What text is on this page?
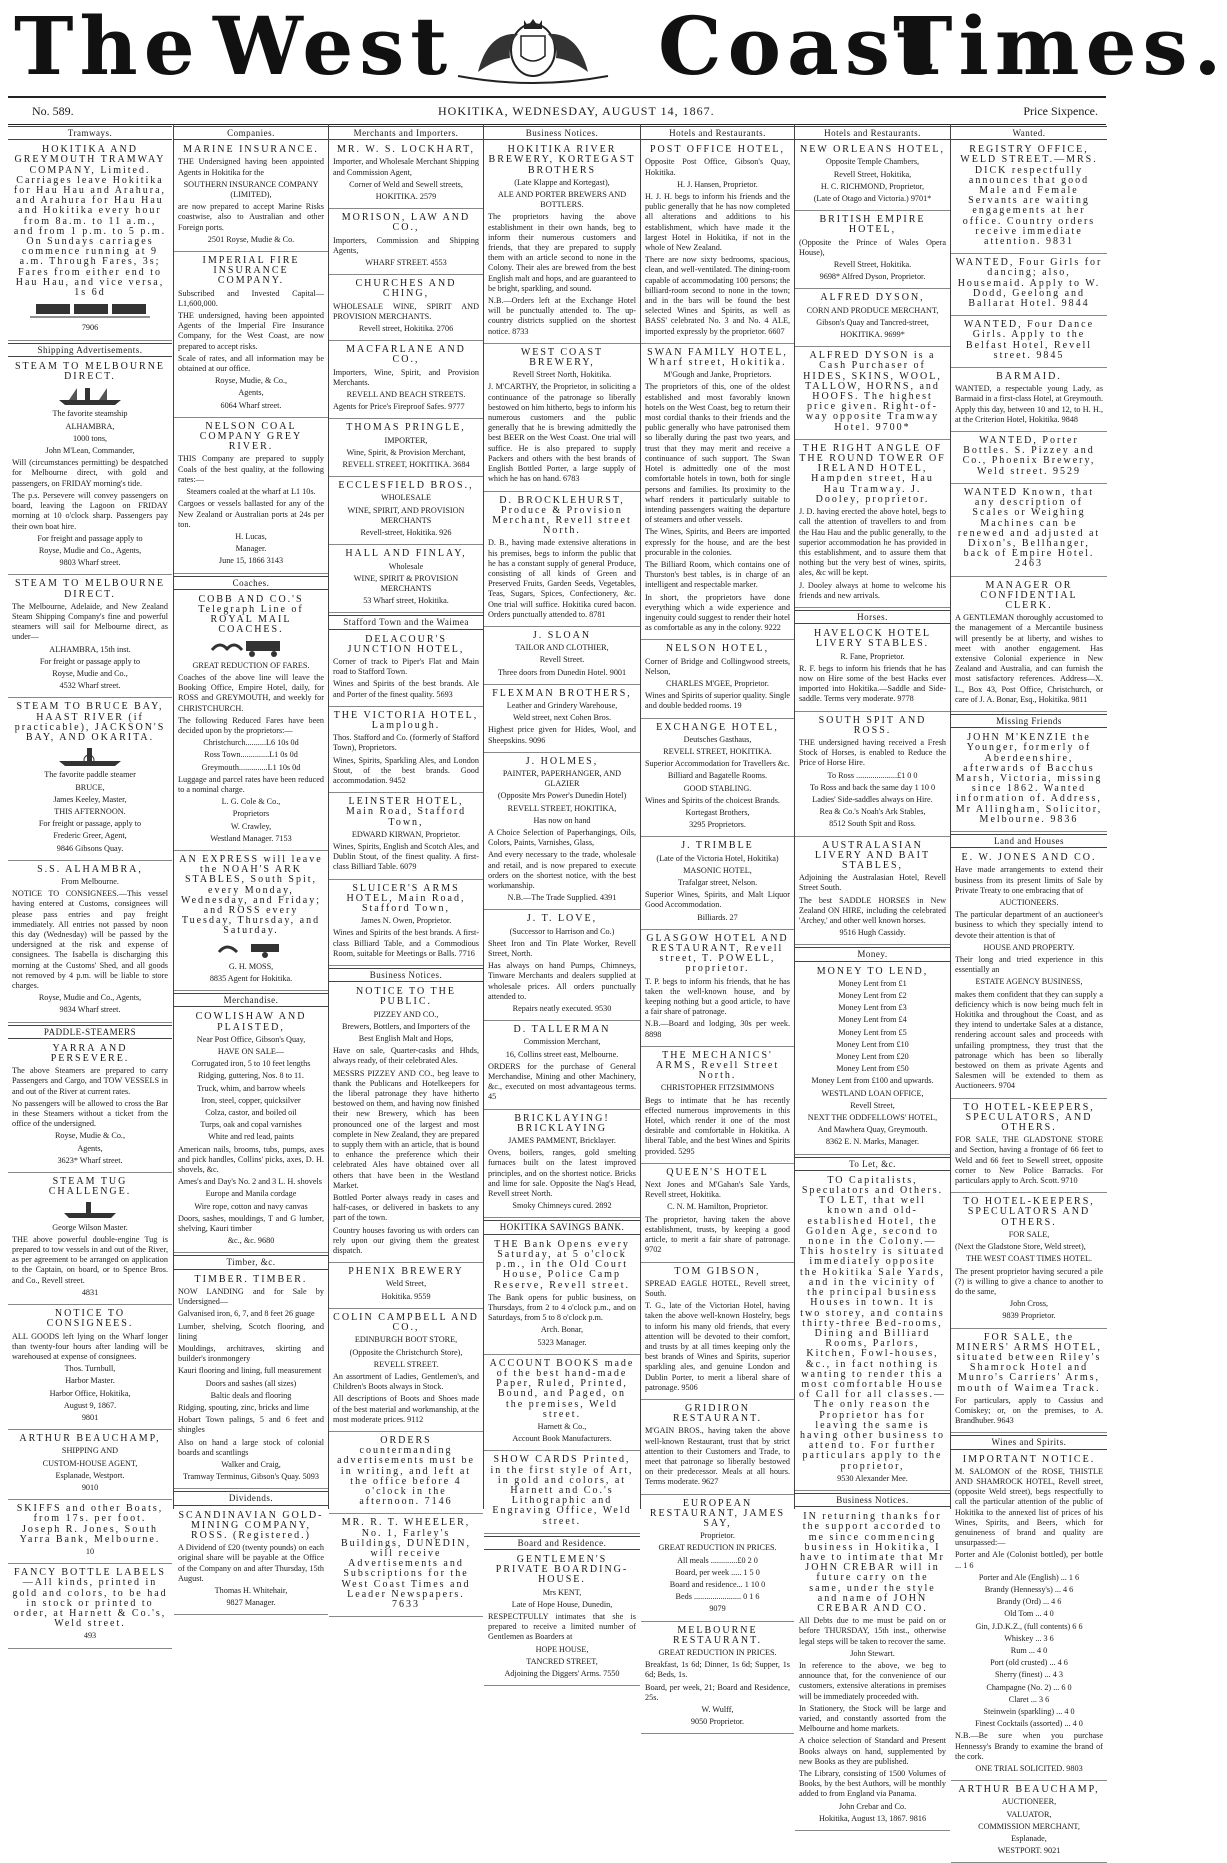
The West	Coast
Times.
No. 589.	HOKITIKA, WEDNESDAY, AUGUST 14, 1867.	Price Sixpence.
Tramways.

HOKITIKA AND GREYMOUTH TRAMWAY COMPANY, Limited. Carriages leave Hokitika for Hau Hau and Arahura, and Arahura for Hau Hau and Hokitika every hour from 8a.m. to 11 a.m., and from 1 p.m. to 5 p.m. On Sundays carriages commence running at 9 a.m. Through Fares, 3s; Fares from either end to Hau Hau, and vice versa, 1s 6d

7906

Shipping Advertisements.

STEAM TO MELBOURNE DIRECT.

The favorite steamship

ALHAMBRA,

1000 tons,

John M'Lean, Commander,

Will (circumstances permitting) be despatched for Melbourne direct, with gold and passengers, on FRIDAY morning's tide.

The p.s. Persevere will convey passengers on board, leaving the Lagoon on FRIDAY morning at 10 o'clock sharp. Passengers pay their own boat hire.

For freight and passage apply to

Royse, Mudie and Co., Agents,

9803 Wharf street.

STEAM TO MELBOURNE DIRECT.

The Melbourne, Adelaide, and New Zealand Steam Shipping Company's fine and powerful steamers will sail for Melbourne direct, as under—

ALHAMBRA, 15th inst.

For freight or passage apply to

Royse, Mudie and Co.,

4532 Wharf street.

STEAM TO BRUCE BAY, HAAST RIVER (if practicable), JACKSON'S BAY, AND OKARITA.

The favorite paddle steamer

BRUCE,

James Keeley, Master,

THIS AFTERNOON.

For freight or passage, apply to

Frederic Greer, Agent,

9846 Gibsons Quay.

S.S. ALHAMBRA,

From Melbourne.

NOTICE TO CONSIGNEES.—This vessel having entered at Customs, consignees will please pass entries and pay freight immediately. All entries not passed by noon this day (Wednesday) will be passed by the undersigned at the risk and expense of consignees. The Isabella is discharging this morning at the Customs' Shed, and all goods not removed by 4 p.m. will be liable to store charges.

Royse, Mudie and Co., Agents,

9834 Wharf street.

PADDLE-STEAMERS

YARRA AND PERSEVERE.

The above Steamers are prepared to carry Passengers and Cargo, and TOW VESSELS in and out of the River at current rates.

No passengers will be allowed to cross the Bar in these Steamers without a ticket from the office of the undersigned.

Royse, Mudie & Co.,

Agents,

3623* Wharf street.

STEAM TUG CHALLENGE.

George Wilson Master.

THE above powerful double-engine Tug is prepared to tow vessels in and out of the River, as per agreement to be arranged on application to the Captain, on board, or to Spence Bros. and Co., Revell street.

4831

NOTICE TO CONSIGNEES.

ALL GOODS left lying on the Wharf longer than twenty-four hours after landing will be warehoused at expense of consignees.

Thos. Turnbull,

Harbor Master.

Harbor Office, Hokitika,

August 9, 1867.

9801

ARTHUR BEAUCHAMP,

SHIPPING AND

CUSTOM-HOUSE AGENT,

Esplanade, Westport.

9010

SKIFFS and other Boats, from 17s. per foot. Joseph R. Jones, South Yarra Bank, Melbourne.

10

FANCY BOTTLE LABELS—All kinds, printed in gold and colors, to be had in stock or printed to order, at Harnett & Co.'s, Weld street.

493

Companies.

MARINE INSURANCE.

THE Undersigned having been appointed Agents in Hokitika for the

SOUTHERN INSURANCE COMPANY (LIMITED),

are now prepared to accept Marine Risks coastwise, also to Australian and other Foreign ports.

2501 Royse, Mudie & Co.

IMPERIAL FIRE INSURANCE COMPANY.

Subscribed and Invested Capital—L1,600,000.

THE undersigned, having been appointed Agents of the Imperial Fire Insurance Company, for the West Coast, are now prepared to accept risks.

Scale of rates, and all information may be obtained at our office.

Royse, Mudie, & Co.,

Agents,

6064 Wharf street.

NELSON COAL COMPANY GREY RIVER.

THIS Company are prepared to supply Coals of the best quality, at the following rates:—

Steamers coaled at the wharf at L1 10s.

Cargoes or vessels ballasted for any of the New Zealand or Australian ports at 24s per ton.

H. Lucas,

Manager.

June 15, 1866 3143

Coaches.

COBB AND CO.'S Telegraph Line of ROYAL MAIL COACHES.

GREAT REDUCTION OF FARES.

Coaches of the above line will leave the Booking Office, Empire Hotel, daily, for ROSS and GREYMOUTH, and weekly for CHRISTCHURCH.

The following Reduced Fares have been decided upon by the proprietors:—

Christchurch..........L6 10s 0d

Ross Town..............L1 0s 0d

Greymouth..............L1 10s 0d

Luggage and parcel rates have been reduced to a nominal charge.

L. G. Cole & Co.,

Proprietors

W. Crawley,

Westland Manager. 7153

AN EXPRESS will leave the NOAH'S ARK STABLES, South Spit, every Monday, Wednesday, and Friday; and ROSS every Tuesday, Thursday, and Saturday.

G. H. MOSS,

8835 Agent for Hokitika.

Merchandise.

COWLISHAW AND PLAISTED,

Near Post Office, Gibson's Quay,

HAVE ON SALE—

Corrugated iron, 5 to 10 feet lengths

Ridging, guttering, Nos. 8 to 11.

Truck, whim, and barrow wheels

Iron, steel, copper, quicksilver

Colza, castor, and boiled oil

Turps, oak and copal varnishes

White and red lead, paints

American nails, brooms, tubs, pumps, axes and pick handles, Collins' picks, axes, D. H. shovels, &c.

Ames's and Day's No. 2 and 3 L. H. shovels

Europe and Manila cordage

Wire rope, cotton and navy canvas

Doors, sashes, mouldings, T and G lumber, shelving, Kauri timber

&c., &c. 9680

Timber, &c.

TIMBER. TIMBER.

NOW LANDING and for Sale by Undersigned—

Galvanised iron, 6, 7, and 8 feet 26 guage

Lumber, shelving, Scotch flooring, and lining

Mouldings, architraves, skirting and builder's ironmongery

Kauri flooring and lining, full measurement

Doors and sashes (all sizes)

Baltic deals and flooring

Ridging, spouting, zinc, bricks and lime

Hobart Town palings, 5 and 6 feet and shingles

Also on hand a large stock of colonial boards and scantlings

Walker and Craig,

Tramway Terminus, Gibson's Quay. 5093

Dividends.

SCANDINAVIAN GOLD-MINING COMPANY, ROSS. (Registered.)

A Dividend of £20 (twenty pounds) on each original share will be payable at the Office of the Company on and after Thursday, 15th August.

Thomas H. Whitehair,

9827 Manager.

Merchants and Importers.

MR. W. S. LOCKHART,

Importer, and Wholesale Merchant Shipping and Commission Agent,

Corner of Weld and Sewell streets,

HOKITIKA. 2579

MORISON, LAW AND CO.,

Importers, Commission and Shipping Agents,

WHARF STREET. 4553

CHURCHES AND CHING,

WHOLESALE WINE, SPIRIT AND PROVISION MERCHANTS.

Revell street, Hokitika. 2706

MACFARLANE AND CO.,

Importers, Wine, Spirit, and Provision Merchants.

REVELL AND BEACH STREETS.

Agents for Price's Fireproof Safes. 9777

THOMAS PRINGLE,

IMPORTER,

Wine, Spirit, & Provision Merchant,

REVELL STREET, HOKITIKA. 3684

ECCLESFIELD BROS.,

WHOLESALE

WINE, SPIRIT, AND PROVISION MERCHANTS

Revell-street, Hokitika. 926

HALL AND FINLAY,

Wholesale

WINE, SPIRIT & PROVISION MERCHANTS

53 Wharf street, Hokitika.

Stafford Town and the Waimea

DELACOUR'S JUNCTION HOTEL,

Corner of track to Piper's Flat and Main road to Stafford Town.

Wines and Spirits of the best brands. Ale and Porter of the finest quality. 5693

THE VICTORIA HOTEL, Lamplough.

Thos. Stafford and Co. (formerly of Stafford Town), Proprietors.

Wines, Spirits, Sparkling Ales, and London Stout, of the best brands. Good accommodation. 9452

LEINSTER HOTEL, Main Road, Stafford Town,

EDWARD KIRWAN, Proprietor.

Wines, Spirits, English and Scotch Ales, and Dublin Stout, of the finest quality. A first-class Billiard Table. 6079

SLUICER'S ARMS HOTEL, Main Road, Stafford Town,

James N. Owen, Proprietor.

Wines and Spirits of the best brands. A first-class Billiard Table, and a Commodious Room, suitable for Meetings or Balls. 7716

Business Notices.

NOTICE TO THE PUBLIC.

PIZZEY AND CO.,

Brewers, Bottlers, and Importers of the

Best English Malt and Hops,

Have on sale, Quarter-casks and Hhds, always ready, of their celebrated Ales.

MESSRS PIZZEY AND CO., beg leave to thank the Publicans and Hotelkeepers for the liberal patronage they have hitherto bestowed on them, and having now finished their new Brewery, which has been pronounced one of the largest and most complete in New Zealand, they are prepared to supply them with an article, that is bound to enhance the preference which their celebrated Ales have obtained over all others that have been in the Westland Market.

Bottled Porter always ready in cases and half-cases, or delivered in baskets to any part of the town.

Country houses favoring us with orders can rely upon our giving them the greatest dispatch.

PHENIX BREWERY

Weld Street,

Hokitika. 9559

COLIN CAMPBELL AND CO.,

EDINBURGH BOOT STORE,

(Opposite the Christchurch Store),

REVELL STREET.

An assortment of Ladies, Gentlemen's, and Children's Boots always in Stock.

All descriptions of Boots and Shoes made of the best material and workmanship, at the most moderate prices. 9112

ORDERS countermanding advertisements must be in writing, and left at the office before 4 o'clock in the afternoon. 7146

MR. R. T. WHEELER, No. 1, Farley's Buildings, DUNEDIN, will receive Advertisements and Subscriptions for the West Coast Times and Leader Newspapers. 7633

Business Notices.

HOKITIKA RIVER BREWERY, KORTEGAST BROTHERS

(Late Klappe and Kortegast),

ALE AND PORTER BREWERS AND BOTTLERS.

The proprietors having the above establishment in their own hands, beg to inform their numerous customers and friends, that they are prepared to supply them with an article second to none in the Colony. Their ales are brewed from the best English malt and hops, and are guaranteed to be bright, sparkling, and sound.

N.B.—Orders left at the Exchange Hotel will be punctually attended to. The up-country districts supplied on the shortest notice. 8733

WEST COAST BREWERY,

Revell Street North, Hokitika.

J. M'CARTHY, the Proprietor, in soliciting a continuance of the patronage so liberally bestowed on him hitherto, begs to inform his numerous customers and the public generally that he is brewing admittedly the best BEER on the West Coast. One trial will suffice. He is also prepared to supply Packers and others with the best brands of English Bottled Porter, a large supply of which he has on hand. 6783

D. BROCKLEHURST, Produce & Provision Merchant, Revell street North.

D. B., having made extensive alterations in his premises, begs to inform the public that he has a constant supply of general Produce, consisting of all kinds of Green and Preserved Fruits, Garden Seeds, Vegetables, Teas, Sugars, Spices, Confectionery, &c. One trial will suffice. Hokitika cured bacon. Orders punctually attended to. 8781

J. SLOAN

TAILOR AND CLOTHIER,

Revell Street.

Three doors from Dunedin Hotel. 9001

FLEXMAN BROTHERS,

Leather and Grindery Warehouse,

Weld street, next Cohen Bros.

Highest price given for Hides, Wool, and Sheepskins. 9096

J. HOLMES,

PAINTER, PAPERHANGER, AND GLAZIER

(Opposite Mrs Power's Dunedin Hotel)

REVELL STREET, HOKITIKA,

Has now on hand

A Choice Selection of Paperhangings, Oils, Colors, Paints, Varnishes, Glass,

And every necessary to the trade, wholesale and retail, and is now prepared to execute orders on the shortest notice, with the best workmanship.

N.B.—The Trade Supplied. 4391

J. T. LOVE,

(Successor to Harrison and Co.)

Sheet Iron and Tin Plate Worker, Revell Street, North.

Has always on hand Pumps, Chimneys, Tinware Merchants and dealers supplied at wholesale prices. All orders punctually attended to.

Repairs neatly executed. 9530

D. TALLERMAN

Commission Merchant,

16, Collins street east, Melbourne.

ORDERS for the purchase of General Merchandise, Mining and other Machinery, &c., executed on most advantageous terms. 45

BRICKLAYING! BRICKLAYING

JAMES PAMMENT, Bricklayer.

Ovens, boilers, ranges, gold smelting furnaces built on the latest improved principles, and on the shortest notice. Bricks and lime for sale. Opposite the Nag's Head, Revell street North.

Smoky Chimneys cured. 2892

HOKITIKA SAVINGS BANK.

THE Bank Opens every Saturday, at 5 o'clock p.m., in the Old Court House, Police Camp Reserve, Revell street.

The Bank opens for public business, on Thursdays, from 2 to 4 o'clock p.m., and on Saturdays, from 5 to 8 o'clock p.m.

Arch. Bonar,

5323 Manager.

ACCOUNT BOOKS made of the best hand-made Paper, Ruled, Printed, Bound, and Paged, on the premises, Weld street.

Harnett & Co.,

Account Book Manufacturers.

SHOW CARDS Printed, in the first style of Art, in gold and colors, at Harnett and Co.'s Lithographic and Engraving Office, Weld street.

Board and Residence.

GENTLEMEN'S PRIVATE BOARDING-HOUSE.

Mrs KENT,

Late of Hope House, Dunedin,

RESPECTFULLY intimates that she is prepared to receive a limited number of Gentlemen as Boarders at

HOPE HOUSE,

TANCRED STREET,

Adjoining the Diggers' Arms. 7550

Hotels and Restaurants.

POST OFFICE HOTEL,

Opposite Post Office, Gibson's Quay, Hokitika.

H. J. Hansen, Proprietor.

H. J. H. begs to inform his friends and the public generally that he has now completed all alterations and additions to his establishment, which have made it the largest Hotel in Hokitika, if not in the whole of New Zealand.

There are now sixty bedrooms, spacious, clean, and well-ventilated. The dining-room capable of accommodating 100 persons; the billiard-room second to none in the town; and in the bars will be found the best selected Wines and Spirits, as well as BASS' celebrated No. 3 and No. 4 ALE, imported expressly by the proprietor. 6607

SWAN FAMILY HOTEL, Wharf street, Hokitika.

M'Gough and Janke, Proprietors.

The proprietors of this, one of the oldest established and most favorably known hotels on the West Coast, beg to return their most cordial thanks to their friends and the public generally who have patronised them so liberally during the past two years, and trust that they may merit and receive a continuance of such support. The Swan Hotel is admittedly one of the most comfortable hotels in town, both for single persons and families. Its proximity to the wharf renders it particularly suitable to intending passengers waiting the departure of steamers and other vessels.

The Wines, Spirits, and Beers are imported expressly for the house, and are the best procurable in the colonies.

The Billiard Room, which contains one of Thurston's best tables, is in charge of an intelligent and respectable marker.

In short, the proprietors have done everything which a wide experience and ingenuity could suggest to render their hotel as comfortable as any in the colony. 9222

NELSON HOTEL,

Corner of Bridge and Collingwood streets, Nelson,

CHARLES M'GEE, Proprietor.

Wines and Spirits of superior quality. Single and double bedded rooms. 19

EXCHANGE HOTEL,

Deutsches Gasthaus,

REVELL STREET, HOKITIKA.

Superior Accommodation for Travellers &c.

Billiard and Bagatelle Rooms.

GOOD STABLING.

Wines and Spirits of the choicest Brands.

Kortegast Brothers,

3295 Proprietors.

J. TRIMBLE

(Late of the Victoria Hotel, Hokitika)

MASONIC HOTEL,

Trafalgar street, Nelson.

Superior Wines, Spirits, and Malt Liquor Good Accommodation.

Billiards. 27

GLASGOW HOTEL AND RESTAURANT, Revell street, T. POWELL, proprietor.

T. P. begs to inform his friends, that he has taken the well-known house, and by keeping nothing but a good article, to have a fair share of patronage.

N.B.—Board and lodging, 30s per week. 8898

THE MECHANICS' ARMS, Revell Street North.

CHRISTOPHER FITZSIMMONS

Begs to intimate that he has recently effected numerous improvements in this Hotel, which render it one of the most desirable and comfortable in Hokitika. A liberal Table, and the best Wines and Spirits provided. 5295

QUEEN'S HOTEL

Next Jones and M'Gahan's Sale Yards, Revell street, Hokitika.

C. N. M. Hamilton, Proprietor.

The proprietor, having taken the above establishment, trusts, by keeping a good article, to merit a fair share of patronage. 9702

TOM GIBSON,

SPREAD EAGLE HOTEL, Revell street, South.

T. G., late of the Victorian Hotel, having taken the above well-known Hostelry, begs to inform his many old friends, that every attention will be devoted to their comfort, and trusts by at all times keeping only the best brands of Wines and Spirits, superior sparkling ales, and genuine London and Dublin Porter, to merit a liberal share of patronage. 9506

GRIDIRON RESTAURANT.

M'GAIN BROS., having taken the above well-known Restaurant, trust that by strict attention to their Customers and Trade, to meet that patronage so liberally bestowed on their predecessor. Meals at all hours. Terms moderate. 9627

EUROPEAN RESTAURANT, JAMES SAY,

Proprietor.

GREAT REDUCTION IN PRICES.

All meals .............£0 2 0

Board, per week ..... 1 5 0

Board and residence... 1 10 0

Beds ....................... 0 1 6

9079

MELBOURNE RESTAURANT.

GREAT REDUCTION IN PRICES.

Breakfast, 1s 6d; Dinner, 1s 6d; Supper, 1s 6d; Beds, 1s.

Board, per week, 21; Board and Residence, 25s.

W. Wulff,

9050 Proprietor.

Hotels and Restaurants.

NEW ORLEANS HOTEL,

Opposite Temple Chambers,

Revell Street, Hokitika,

H. C. RICHMOND, Proprietor,

(Late of Otago and Victoria.) 9701*

BRITISH EMPIRE HOTEL,

(Opposite the Prince of Wales Opera House),

Revell Street, Hokitika.

9698* Alfred Dyson, Proprietor.

ALFRED DYSON,

CORN AND PRODUCE MERCHANT,

Gibson's Quay and Tancred-street,

HOKITIKA. 9699*

ALFRED DYSON is a Cash Purchaser of HIDES, SKINS, WOOL, TALLOW, HORNS, and HOOFS. The highest price given. Right-of-way opposite Tramway Hotel. 9700*

THE RIGHT ANGLE OF THE ROUND TOWER OF IRELAND HOTEL, Hampden street, Hau Hau Tramway. J. Dooley, proprietor.

J. D. having erected the above hotel, begs to call the attention of travellers to and from the Hau Hau and the public generally, to the superior accommodation he has provided in this establishment, and to assure them that nothing but the very best of wines, spirits, ales, &c will be kept.

J. Dooley always at home to welcome his friends and new arrivals.

Horses.

HAVELOCK HOTEL LIVERY STABLES.

R. Fane, Proprietor.

R. F. begs to inform his friends that he has now on Hire some of the best Hacks ever imported into Hokitika.—Saddle and Side-saddle. Terms very moderate. 9778

SOUTH SPIT AND ROSS.

THE undersigned having received a Fresh Stock of Horses, is enabled to Reduce the Price of Horse Hire.

To Ross ....................£1 0 0

To Ross and back the same day 1 10 0

Ladies' Side-saddles always on Hire.

Rea & Co.'s Noah's Ark Stables,

8512 South Spit and Ross.

AUSTRALASIAN LIVERY AND BAIT STABLES,

Adjoining the Australasian Hotel, Revell Street South.

The best SADDLE HORSES in New Zealand ON HIRE, including the celebrated 'Archey,' and other well known horses.

9516 Hugh Cassidy.

Money.

MONEY TO LEND,

Money Lent from £1

Money Lent from £2

Money Lent from £3

Money Lent from £4

Money Lent from £5

Money Lent from £10

Money Lent from £20

Money Lent from £50

Money Lent from £100 and upwards.

WESTLAND LOAN OFFICE,

Revell Street,

NEXT THE ODDFELLOWS' HOTEL,

And Mawhera Quay, Greymouth.

8362 E. N. Marks, Manager.

To Let, &c.

TO Capitalists, Speculators and Others. TO LET, that well known and old-established Hotel, the Golden Age, second to none in the Colony.—This hostelry is situated immediately opposite the Hokitika Sale Yards, and in the vicinity of the principal business Houses in town. It is two storey, and contains thirty-three Bed-rooms, Dining and Billiard Rooms, Parlors, Kitchen, Fowl-houses, &c., in fact nothing is wanting to render this a most comfortable House of Call for all classes.—The only reason the Proprietor has for leaving the same is having other business to attend to. For further particulars apply to the proprietor,

9530 Alexander Mee.

Business Notices.

IN returning thanks for the support accorded to me since commencing business in Hokitika, I have to intimate that Mr JOHN CREBAR will in future carry on the same, under the style and name of JOHN CREBAR AND CO.

All Debts due to me must be paid on or before THURSDAY, 15th inst., otherwise legal steps will be taken to recover the same.

John Stewart.

In reference to the above, we beg to announce that, for the convenience of our customers, extensive alterations in premises will be immediately proceeded with.

In Stationery, the Stock will be large and varied, and constantly assorted from the Melbourne and home markets.

A choice selection of Standard and Present Books always on hand, supplemented by new Books as they are published.

The Library, consisting of 1500 Volumes of Books, by the best Authors, will be monthly added to from England via Panama.

John Crebar and Co.

Hokitika, August 13, 1867. 9816

Wanted.

REGISTRY OFFICE, WELD STREET.—MRS. DICK respectfully announces that good Male and Female Servants are waiting engagements at her office. Country orders receive immediate attention. 9831

WANTED, Four Girls for dancing; also, Housemaid. Apply to W. Dodd, Geelong and Ballarat Hotel. 9844

WANTED, Four Dance Girls. Apply to the Belfast Hotel, Revell street. 9845

BARMAID.

WANTED, a respectable young Lady, as Barmaid in a first-class Hotel, at Greymouth. Apply this day, between 10 and 12, to H. H., at the Criterion Hotel, Hokitika. 9848

WANTED, Porter Bottles. S. Pizzey and Co., Phoenix Brewery, Weld street. 9529

WANTED Known, that any description of Scales or Weighing Machines can be renewed and adjusted at Dixon's, Bellhanger, back of Empire Hotel. 2463

MANAGER OR CONFIDENTIAL CLERK.

A GENTLEMAN thoroughly accustomed to the management of a Mercantile business will presently be at liberty, and wishes to meet with another engagement. Has extensive Colonial experience in New Zealand and Australia, and can furnish the most satisfactory references. Address—X. L., Box 43, Post Office, Christchurch, or care of J. A. Bonar, Esq., Hokitika. 9811

Missing Friends

JOHN M'KENZIE the Younger, formerly of Aberdeenshire, afterwards of Bacchus Marsh, Victoria, missing since 1862. Wanted information of. Address, Mr Allingham, Solicitor, Melbourne. 9836

Land and Houses

E. W. JONES AND CO.

Have made arrangements to extend their business from its present limits of Sale by Private Treaty to one embracing that of

AUCTIONEERS.

The particular department of an auctioneer's business to which they specially intend to devote their attention is that of

HOUSE AND PROPERTY.

Their long and tried experience in this essentially an

ESTATE AGENCY BUSINESS,

makes them confident that they can supply a deficiency which is now being much felt in Hokitika and throughout the Coast, and as they intend to undertake Sales at a distance, rendering account sales and proceeds with unfailing promptness, they trust that the patronage which has been so liberally bestowed on them as private Agents and Salesmen will be extended to them as Auctioneers. 9704

TO HOTEL-KEEPERS, SPECULATORS, AND OTHERS.

FOR SALE, THE GLADSTONE STORE and Section, having a frontage of 66 feet to Weld and 66 feet to Sewell street, opposite corner to New Police Barracks. For particulars apply to Arch. Scott. 9710

TO HOTEL-KEEPERS, SPECULATORS AND OTHERS.

FOR SALE,

(Next the Gladstone Store, Weld street),

THE WEST COAST TIMES HOTEL.

The present proprietor having secured a pile (?) is willing to give a chance to another to do the same,

John Cross,

9839 Proprietor.

FOR SALE, the MINERS' ARMS HOTEL, situated between Riley's Shamrock Hotel and Munro's Carriers' Arms, mouth of Waimea Track.

For particulars, apply to Cassius and Comiskey; or, on the premises, to A. Brandhuber. 9643

Wines and Spirits.

IMPORTANT NOTICE.

M. SALOMON of the ROSE, THISTLE AND SHAMROCK HOTEL, Revell street, (opposite Weld street), begs respectfully to call the particular attention of the public of Hokitika to the annexed list of prices of his Wines, Spirits, and Beers, which for genuineness of brand and quality are unsurpassed:—

Porter and Ale (Colonist bottled), per bottle ... 1 6

Porter and Ale (English) ... 1 6

Brandy (Hennessy's) ... 4 6

Brandy (Ord) ... 4 6

Old Tom ... 4 0

Gin, J.D.K.Z., (full contents) 6 6

Whiskey ... 3 6

Rum ... 4 0

Port (old crusted) ... 4 6

Sherry (finest) ... 4 3

Champagne (No. 2) ... 6 0

Claret ... 3 6

Steinwein (sparkling) ... 4 0

Finest Cocktails (assorted) ... 4 0

N.B.—Be sure when you purchase Hennessy's Brandy to examine the brand of the cork.

ONE TRIAL SOLICITED. 9803

ARTHUR BEAUCHAMP,

AUCTIONEER,

VALUATOR,

COMMISSION MERCHANT,

Esplanade,

WESTPORT. 9021
